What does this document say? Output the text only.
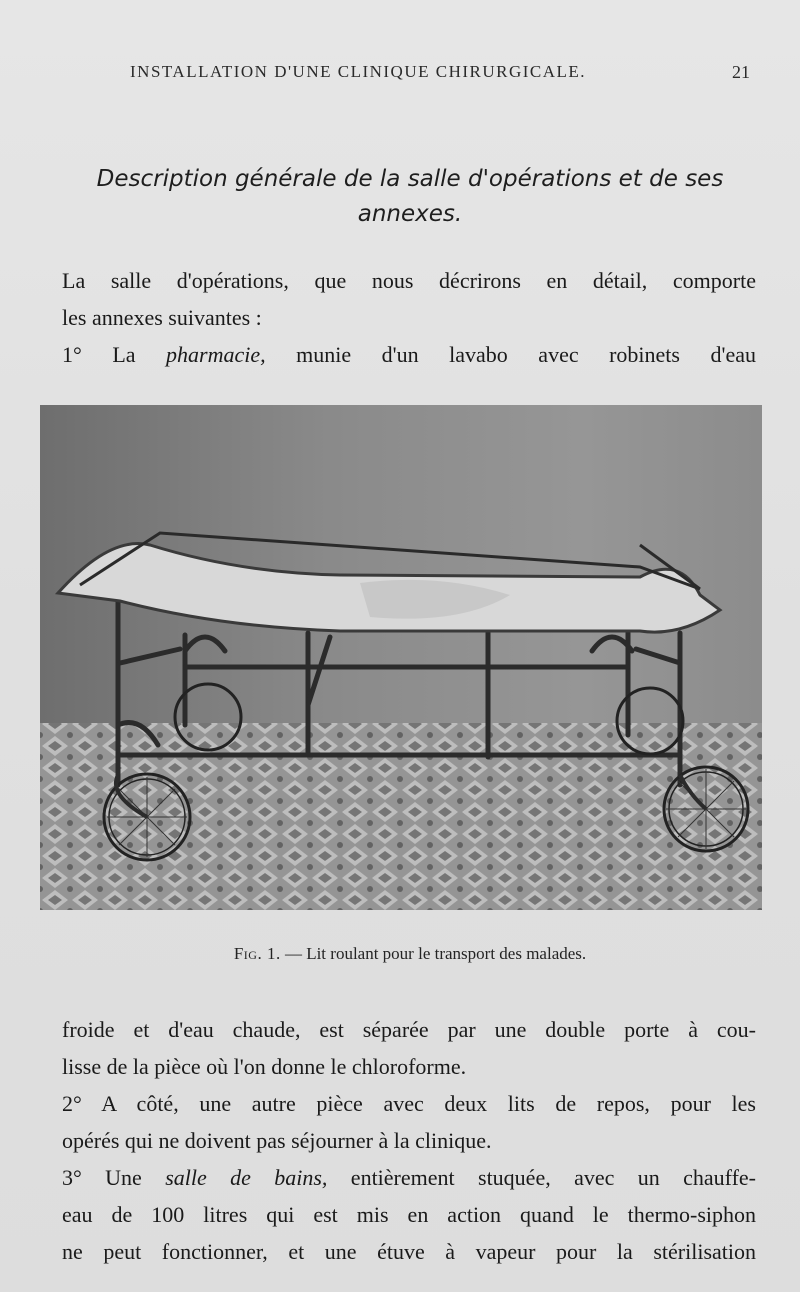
INSTALLATION D'UNE CLINIQUE CHIRURGICALE.	21
Description générale de la salle d'opérations et de ses
annexes.
La salle d'opérations, que nous décrirons en détail, comporte
les annexes suivantes :
1° La pharmacie, munie d'un lavabo avec robinets d'eau
Fig. 1. — Lit roulant pour le transport des malades.
froide et d'eau chaude, est séparée par une double porte à cou-
lisse de la pièce où l'on donne le chloroforme.
2° A côté, une autre pièce avec deux lits de repos, pour les
opérés qui ne doivent pas séjourner à la clinique.
3° Une salle de bains, entièrement stuquée, avec un chauffe-
eau de 100 litres qui est mis en action quand le thermo-siphon
ne peut fonctionner, et une étuve à vapeur pour la stérilisation
